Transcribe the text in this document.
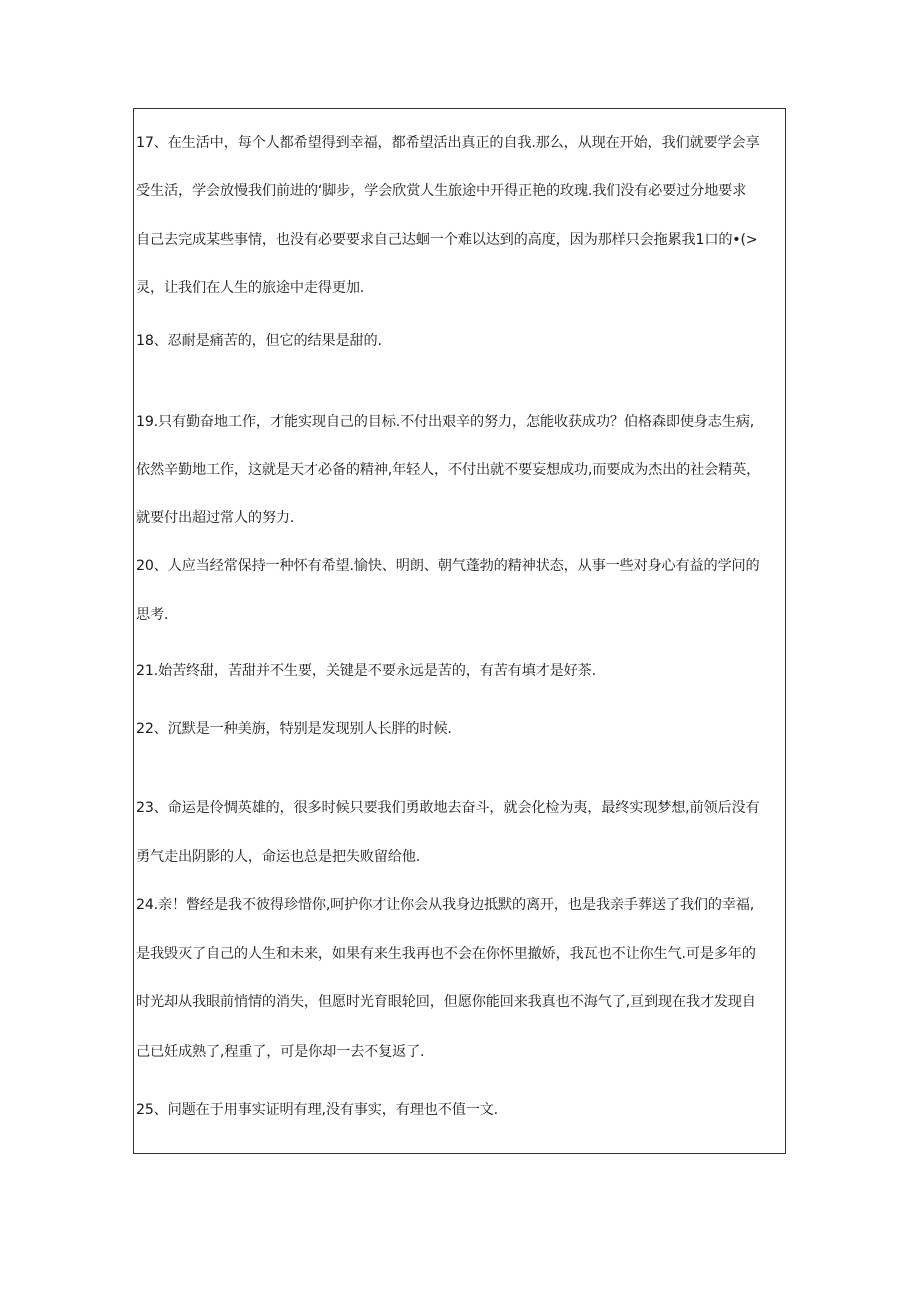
17、在生活中，每个人都希望得到幸福，都希望活出真正的自我.那么，从现在开始，我们就要学会享
受生活，学会放慢我们前进的‘脚步，学会欣赏人生旅途中开得正艳的玫瑰.我们没有必要过分地要求
自己去完成某些事情，也没有必要要求自己达蛔一个难以达到的高度，因为那样只会拖累我1口的•(>
灵，让我们在人生的旅途中走得更加.
18、忍耐是痛苦的，但它的结果是甜的.
19.只有勤奋地工作，才能实现自己的目标.不付出艰辛的努力，怎能收获成功？伯格森即使身志生病,
依然辛勤地工作，这就是天才必备的精神,年轻人，不付出就不要妄想成功,而要成为杰出的社会精英，
就要付出超过常人的努力.
20、人应当经常保持一种怀有希望.愉快、明朗、朝气蓬勃的精神状态，从事一些对身心有益的学问的
思考.
21.始苦终甜，苦甜并不生要，关键是不要永远是苦的，有苦有填才是好茶.
22、沉默是一种美旃，特别是发现别人长胖的时候.
23、命运是伶惆英雄的，很多时候只要我们勇敢地去奋斗，就会化检为夷，最终实现梦想,前领后没有
勇气走出阴影的人，命运也总是把失败留给他.
24.亲！瞥经是我不彼得珍惜你,呵护你才让你会从我身边抵默的离开，也是我亲手葬送了我们的幸福,
是我毁灭了自己的人生和未来，如果有来生我再也不会在你怀里撤娇，我瓦也不让你生气.可是多年的
时光却从我眼前悄情的消失，但愿时光育眼轮回，但愿你能回来我真也不海气了,亘到现在我才发现自
己已妊成熟了,程重了，可是你却一去不复返了.
25、问题在于用事实证明有理,没有事实，有理也不值一文.
